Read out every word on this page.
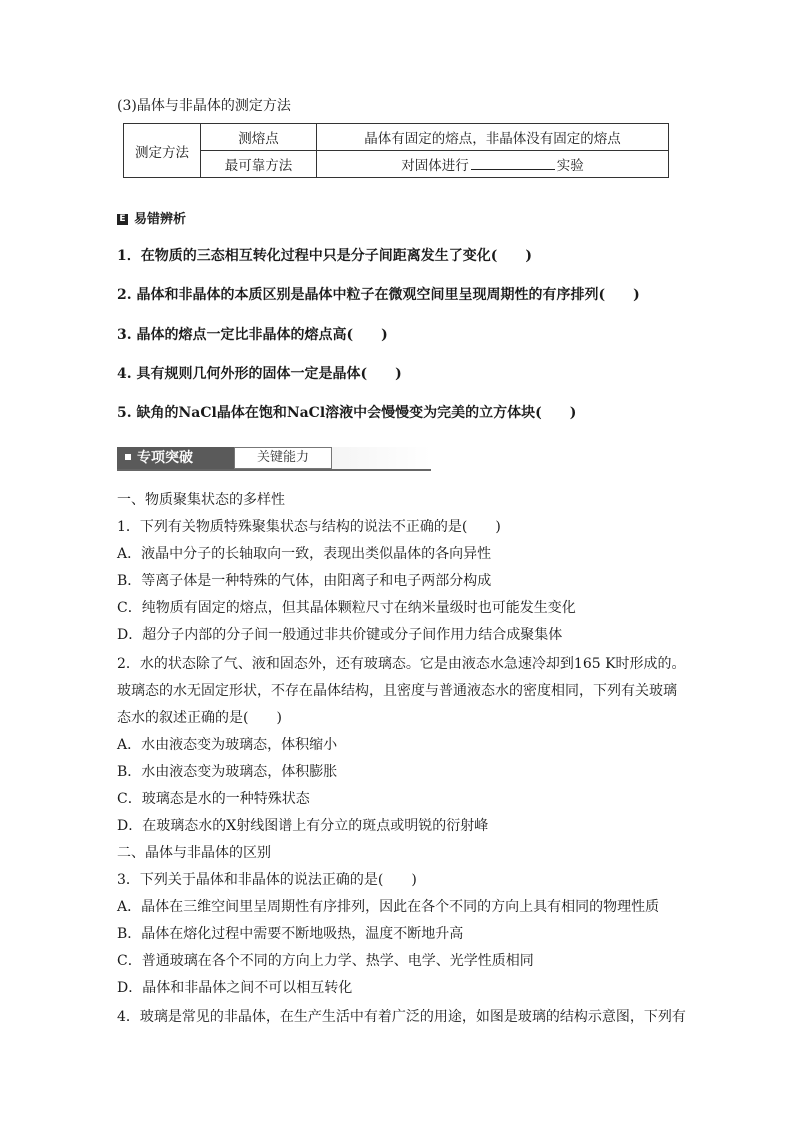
(3)晶体与非晶体的测定方法
测定方法	测熔点	晶体有固定的熔点，非晶体没有固定的熔点
	最可靠方法	对固体进行 实验
E 易错辨析
1．在物质的三态相互转化过程中只是分子间距离发生了变化(　　)
2. 晶体和非晶体的本质区别是晶体中粒子在微观空间里呈现周期性的有序排列(　　)
3. 晶体的熔点一定比非晶体的熔点高(　　)
4. 具有规则几何外形的固体一定是晶体(　　)
5. 缺角的NaCl晶体在饱和NaCl溶液中会慢慢变为完美的立方体块(　　)
专项突破	关键能力
一、物质聚集状态的多样性
1．下列有关物质特殊聚集状态与结构的说法不正确的是(　　)
A．液晶中分子的长轴取向一致，表现出类似晶体的各向异性
B．等离子体是一种特殊的气体，由阳离子和电子两部分构成
C．纯物质有固定的熔点，但其晶体颗粒尺寸在纳米量级时也可能发生变化
D．超分子内部的分子间一般通过非共价键或分子间作用力结合成聚集体
2．水的状态除了气、液和固态外，还有玻璃态。它是由液态水急速冷却到165 K时形成的。
玻璃态的水无固定形状，不存在晶体结构，且密度与普通液态水的密度相同，下列有关玻璃
态水的叙述正确的是(　　)
A．水由液态变为玻璃态，体积缩小
B．水由液态变为玻璃态，体积膨胀
C．玻璃态是水的一种特殊状态
D．在玻璃态水的X射线图谱上有分立的斑点或明锐的衍射峰
二、晶体与非晶体的区别
3．下列关于晶体和非晶体的说法正确的是(　　)
A．晶体在三维空间里呈周期性有序排列，因此在各个不同的方向上具有相同的物理性质
B．晶体在熔化过程中需要不断地吸热，温度不断地升高
C．普通玻璃在各个不同的方向上力学、热学、电学、光学性质相同
D．晶体和非晶体之间不可以相互转化
4．玻璃是常见的非晶体，在生产生活中有着广泛的用途，如图是玻璃的结构示意图，下列有
